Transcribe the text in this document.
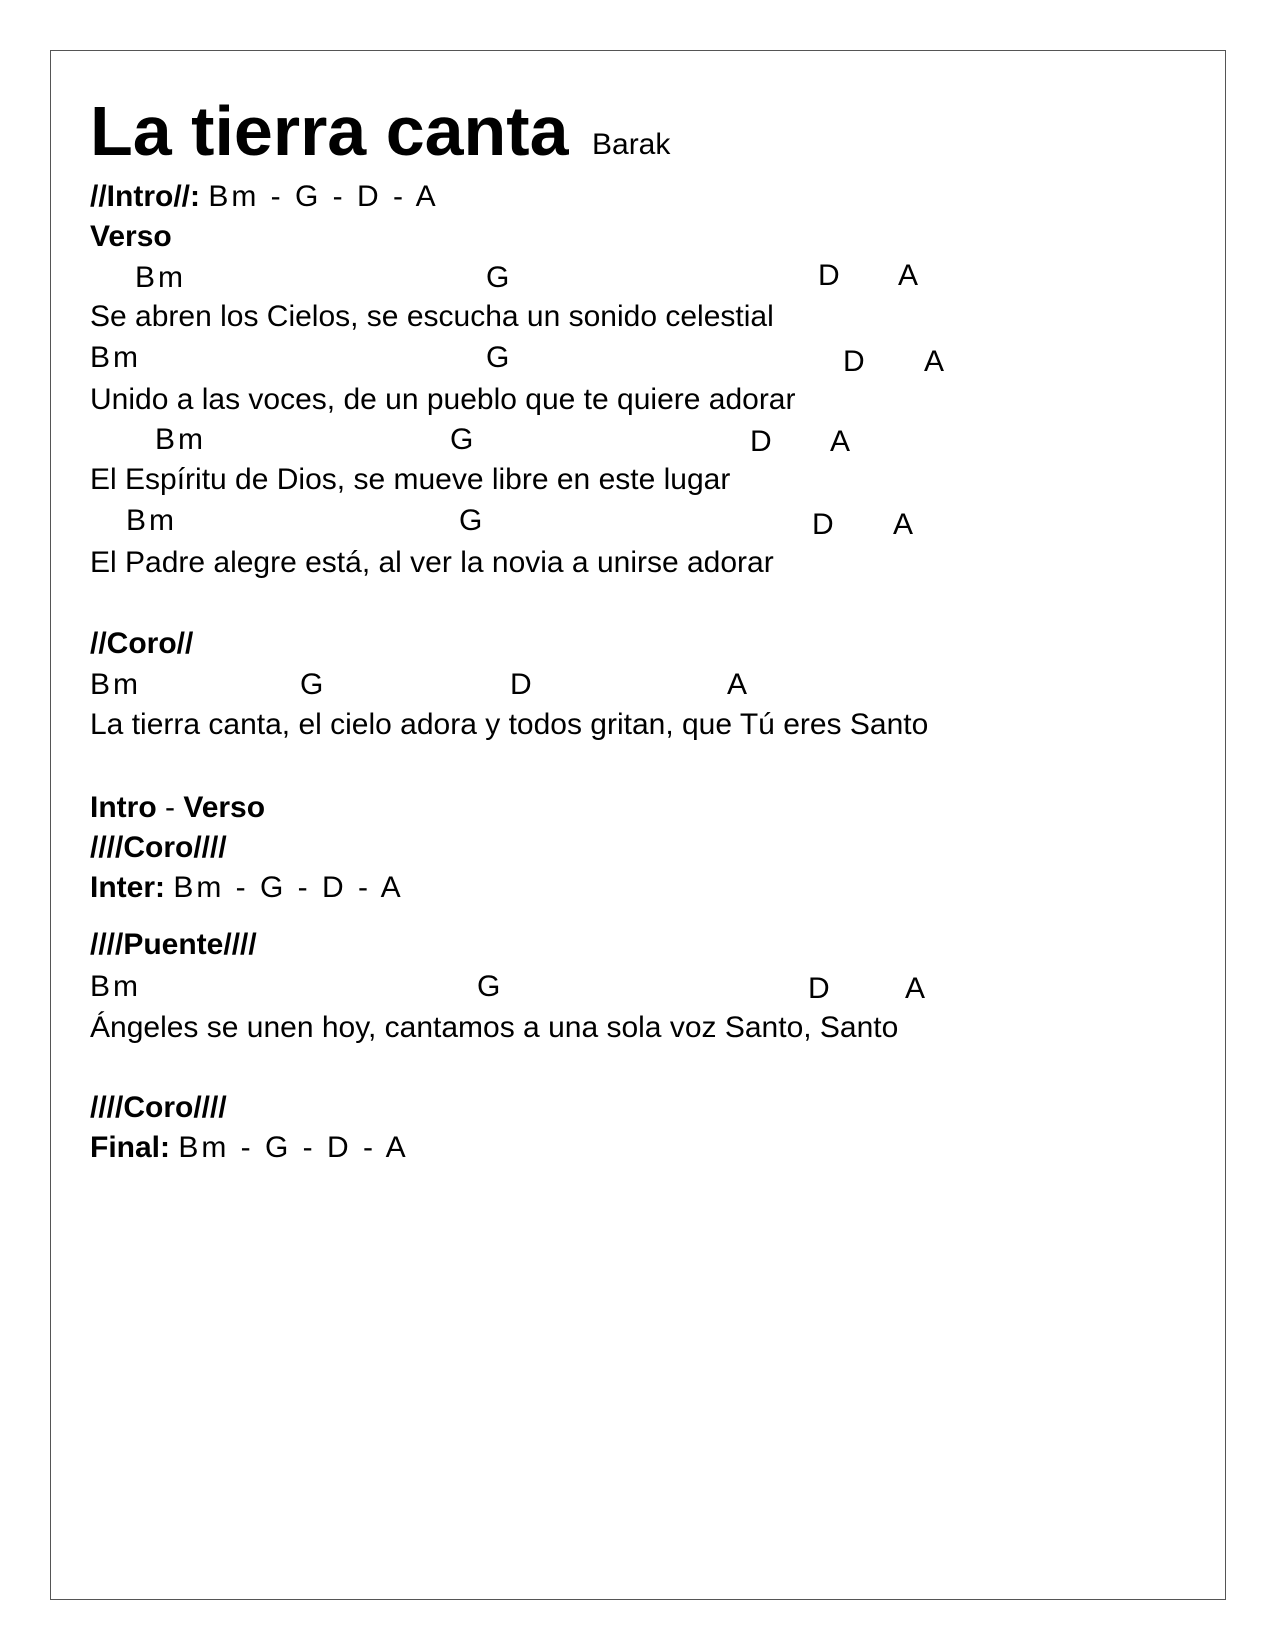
La tierra canta Barak
//Intro//: Bm - G - D - A
Verso
Bm	G	D A
Se abren los Cielos, se escucha un sonido celestial
Bm	G	D A
Unido a las voces, de un pueblo que te quiere adorar
Bm	G	D A
El Espíritu de Dios, se mueve libre en este lugar
Bm	G	D A
El Padre alegre está, al ver la novia a unirse adorar
//Coro//
Bm	G	D	A
La tierra canta, el cielo adora y todos gritan, que Tú eres Santo
Intro - Verso
////Coro////
Inter: Bm - G - D - A
////Puente////
Bm	G	D	A
Ángeles se unen hoy, cantamos a una sola voz Santo, Santo
////Coro////
Final: Bm - G - D - A
